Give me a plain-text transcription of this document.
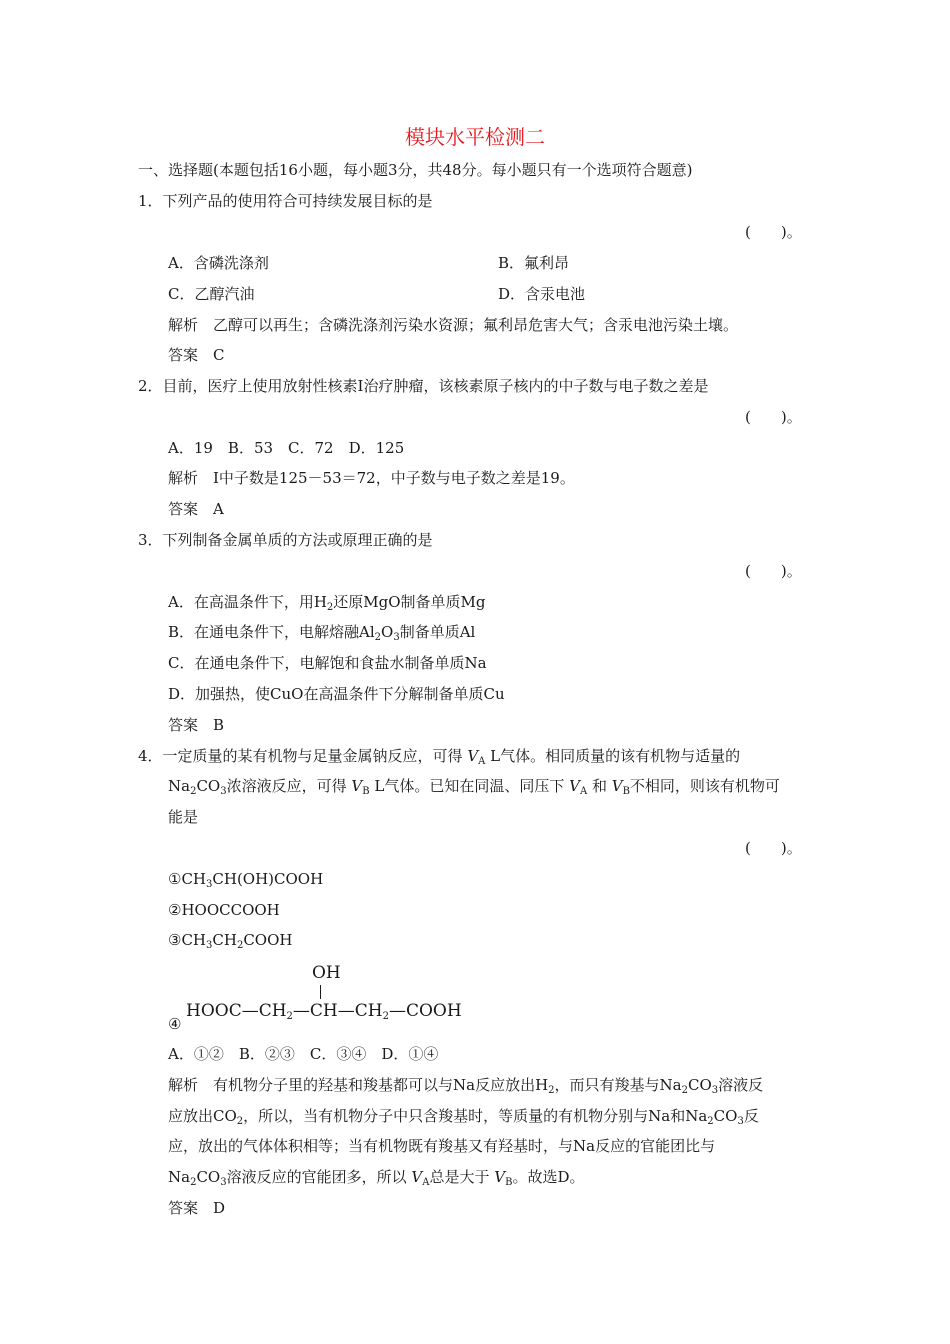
模块水平检测二
一、选择题(本题包括16小题，每小题3分，共48分。每小题只有一个选项符合题意)
1．下列产品的使用符合可持续发展目标的是
(　　)。
A．含磷洗涤剂	B．氟利昂
C．乙醇汽油	D．含汞电池
解析　乙醇可以再生；含磷洗涤剂污染水资源；氟利昂危害大气；含汞电池污染土壤。
答案　C
2．目前，医疗上使用放射性核素I治疗肿瘤，该核素原子核内的中子数与电子数之差是
(　　)。
A．19　B．53　C．72　D．125
解析　I中子数是125－53＝72，中子数与电子数之差是19。
答案　A
3．下列制备金属单质的方法或原理正确的是
(　　)。
A．在高温条件下，用$H_2$还原MgO制备单质Mg
B．在通电条件下，电解熔融$Al_2O_3$制备单质Al
C．在通电条件下，电解饱和食盐水制备单质Na
D．加强热，使CuO在高温条件下分解制备单质Cu
答案　B
4．一定质量的某有机物与足量金属钠反应，可得 $V_A$ L气体。相同质量的该有机物与适量的
$Na_2CO_3$浓溶液反应，可得 $V_B$ L气体。已知在同温、同压下 $V_A$ 和 $V_B$不相同，则该有机物可
能是
(　　)。
$①CH_3CH(OH)COOH$
②HOOCCOOH
$③CH_3CH_2COOH$
④
OH
$HOOC—CH_2—CH—CH_2—COOH$
A．①②　B．②③　C．③④　D．①④
解析　有机物分子里的羟基和羧基都可以与Na反应放出$H_2$，而只有羧基与$Na_2CO_3$溶液反
应放出$CO_2$，所以，当有机物分子中只含羧基时，等质量的有机物分别与Na和$Na_2CO_3$反
应，放出的气体体积相等；当有机物既有羧基又有羟基时，与Na反应的官能团比与
$Na_2CO_3$溶液反应的官能团多，所以 $V_A$总是大于 $V_B$。故选D。
答案　D
